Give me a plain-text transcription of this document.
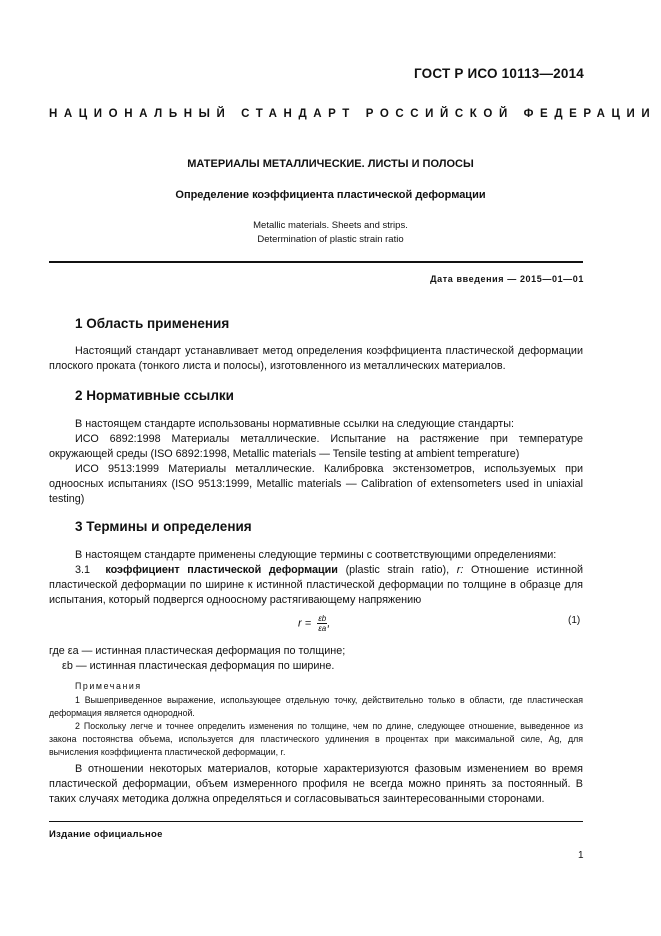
ГОСТ Р ИСО 10113—2014
НАЦИОНАЛЬНЫЙ СТАНДАРТ РОССИЙСКОЙ ФЕДЕРАЦИИ
МАТЕРИАЛЫ МЕТАЛЛИЧЕСКИЕ. ЛИСТЫ И ПОЛОСЫ
Определение коэффициента пластической деформации
Metallic materials. Sheets and strips.
Determination of plastic strain ratio
Дата введения — 2015—01—01
1 Область применения
Настоящий стандарт устанавливает метод определения коэффициента пластической деформации плоского проката (тонкого листа и полосы), изготовленного из металлических материалов.
2 Нормативные ссылки
В настоящем стандарте использованы нормативные ссылки на следующие стандарты:
ИСО 6892:1998 Материалы металлические. Испытание на растяжение при температуре окружающей среды (ISO 6892:1998, Metallic materials — Tensile testing at ambient temperature)
ИСО 9513:1999 Материалы металлические. Калибровка экстензометров, используемых при одноосных испытаниях (ISO 9513:1999, Metallic materials — Calibration of extensometers used in uniaxial testing)
3 Термины и определения
В настоящем стандарте применены следующие термины с соответствующими определениями:
3.1 коэффициент пластической деформации (plastic strain ratio), r: Отношение истинной пластической деформации по ширине к истинной пластической деформации по толщине в образце для испытания, который подвергся одноосному растягивающему напряжению
$r = \frac{\varepsilon b}{\varepsilon a}$ ,	(1)
где εa — истинная пластическая деформация по толщине;
εb — истинная пластическая деформация по ширине.
Примечания
1 Вышеприведенное выражение, использующее отдельную точку, действительно только в области, где пластическая деформация является однородной.
2 Поскольку легче и точнее определить изменения по толщине, чем по длине, следующее отношение, выведенное из закона постоянства объема, используется для пластического удлинения в процентах при максимальной силе, Ag, для вычисления коэффициента пластической деформации, r.
В отношении некоторых материалов, которые характеризуются фазовым изменением во время пластической деформации, объем измеренного профиля не всегда можно принять за постоянный. В таких случаях методика должна определяться и согласовываться заинтересованными сторонами.
Издание официальное
1
